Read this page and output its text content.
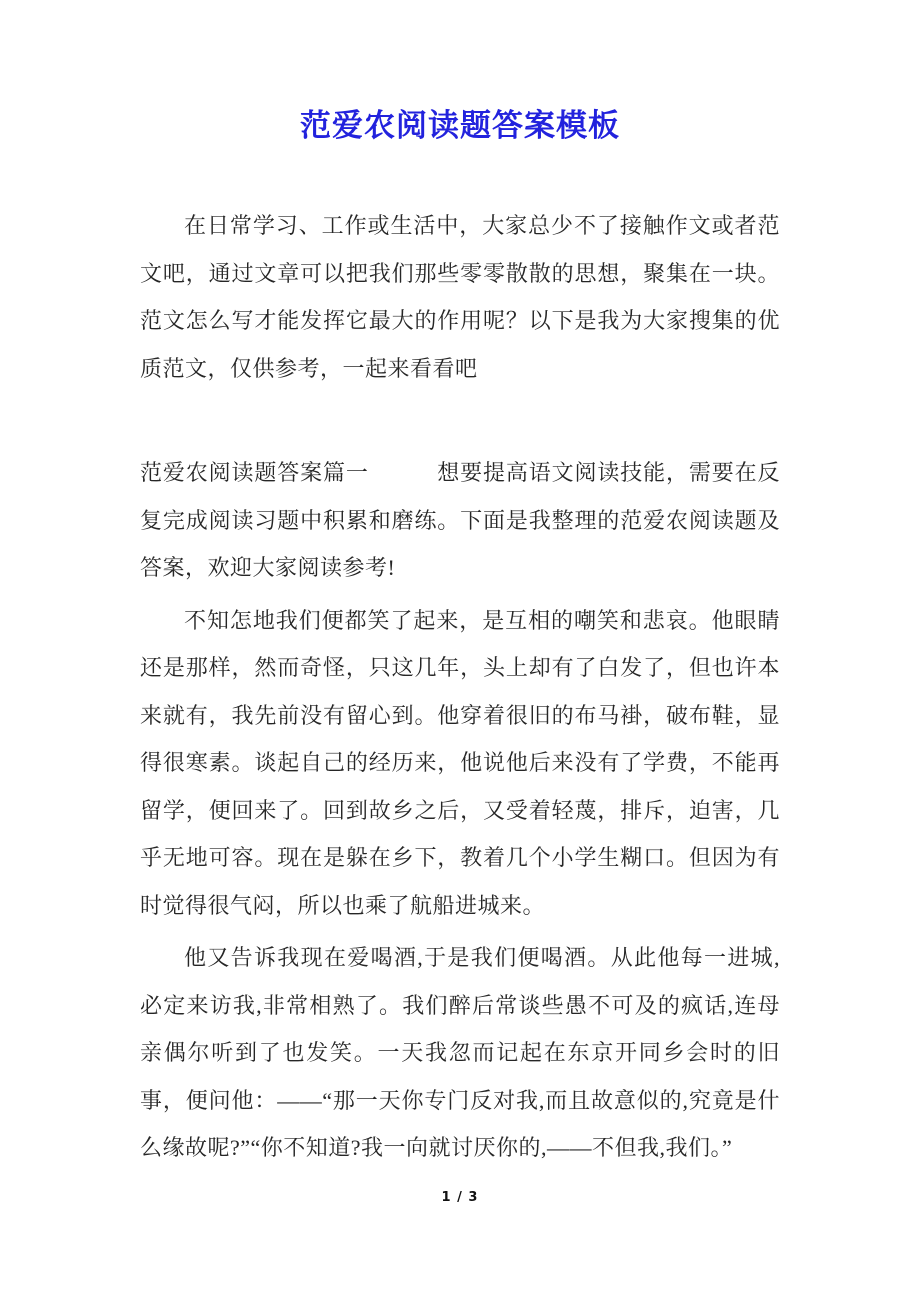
范爱农阅读题答案模板

在日常学习、工作或生活中，大家总少不了接触作文或者范文吧，通过文章可以把我们那些零零散散的思想，聚集在一块。范文怎么写才能发挥它最大的作用呢？以下是我为大家搜集的优质范文，仅供参考，一起来看看吧

范爱农阅读题答案篇一　　　想要提高语文阅读技能，需要在反复完成阅读习题中积累和磨练。下面是我整理的范爱农阅读题及答案，欢迎大家阅读参考!

不知怎地我们便都笑了起来，是互相的嘲笑和悲哀。他眼睛还是那样，然而奇怪，只这几年，头上却有了白发了，但也许本来就有，我先前没有留心到。他穿着很旧的布马褂，破布鞋，显得很寒素。谈起自己的经历来，他说他后来没有了学费，不能再留学，便回来了。回到故乡之后，又受着轻蔑，排斥，迫害，几乎无地可容。现在是躲在乡下，教着几个小学生糊口。但因为有时觉得很气闷，所以也乘了航船进城来。

他又告诉我现在爱喝酒,于是我们便喝酒。从此他每一进城,必定来访我,非常相熟了。我们醉后常谈些愚不可及的疯话,连母亲偶尔听到了也发笑。一天我忽而记起在东京开同乡会时的旧事，便问他：——“那一天你专门反对我,而且故意似的,究竟是什么缘故呢?”“你不知道?我一向就讨厌你的,——不但我,我们。”

1 / 3
